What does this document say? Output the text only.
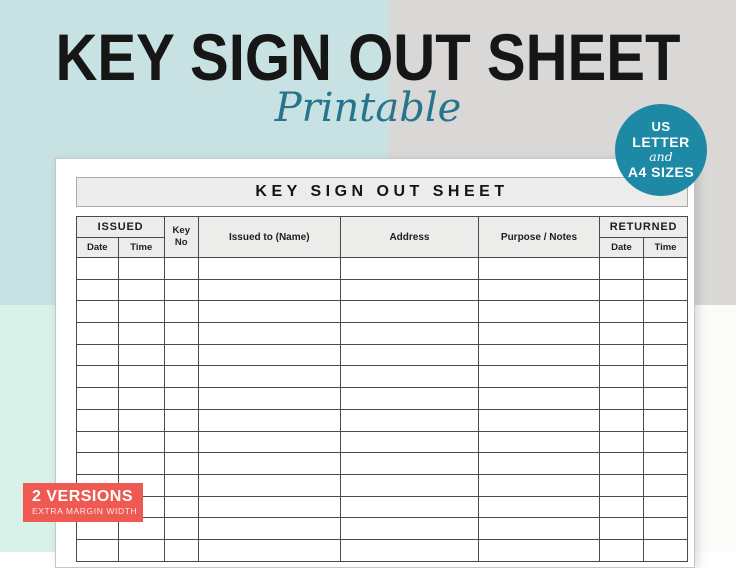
KEY SIGN OUT SHEET
Printable
KEY SIGN OUT SHEET
ISSUED		Key No	Issued to (Name)	Address	Purpose / Notes	RETURNED	
Date	Time					Date	Time

US
LETTER
and
A4 SIZES
2 VERSIONS
EXTRA MARGIN WIDTH
